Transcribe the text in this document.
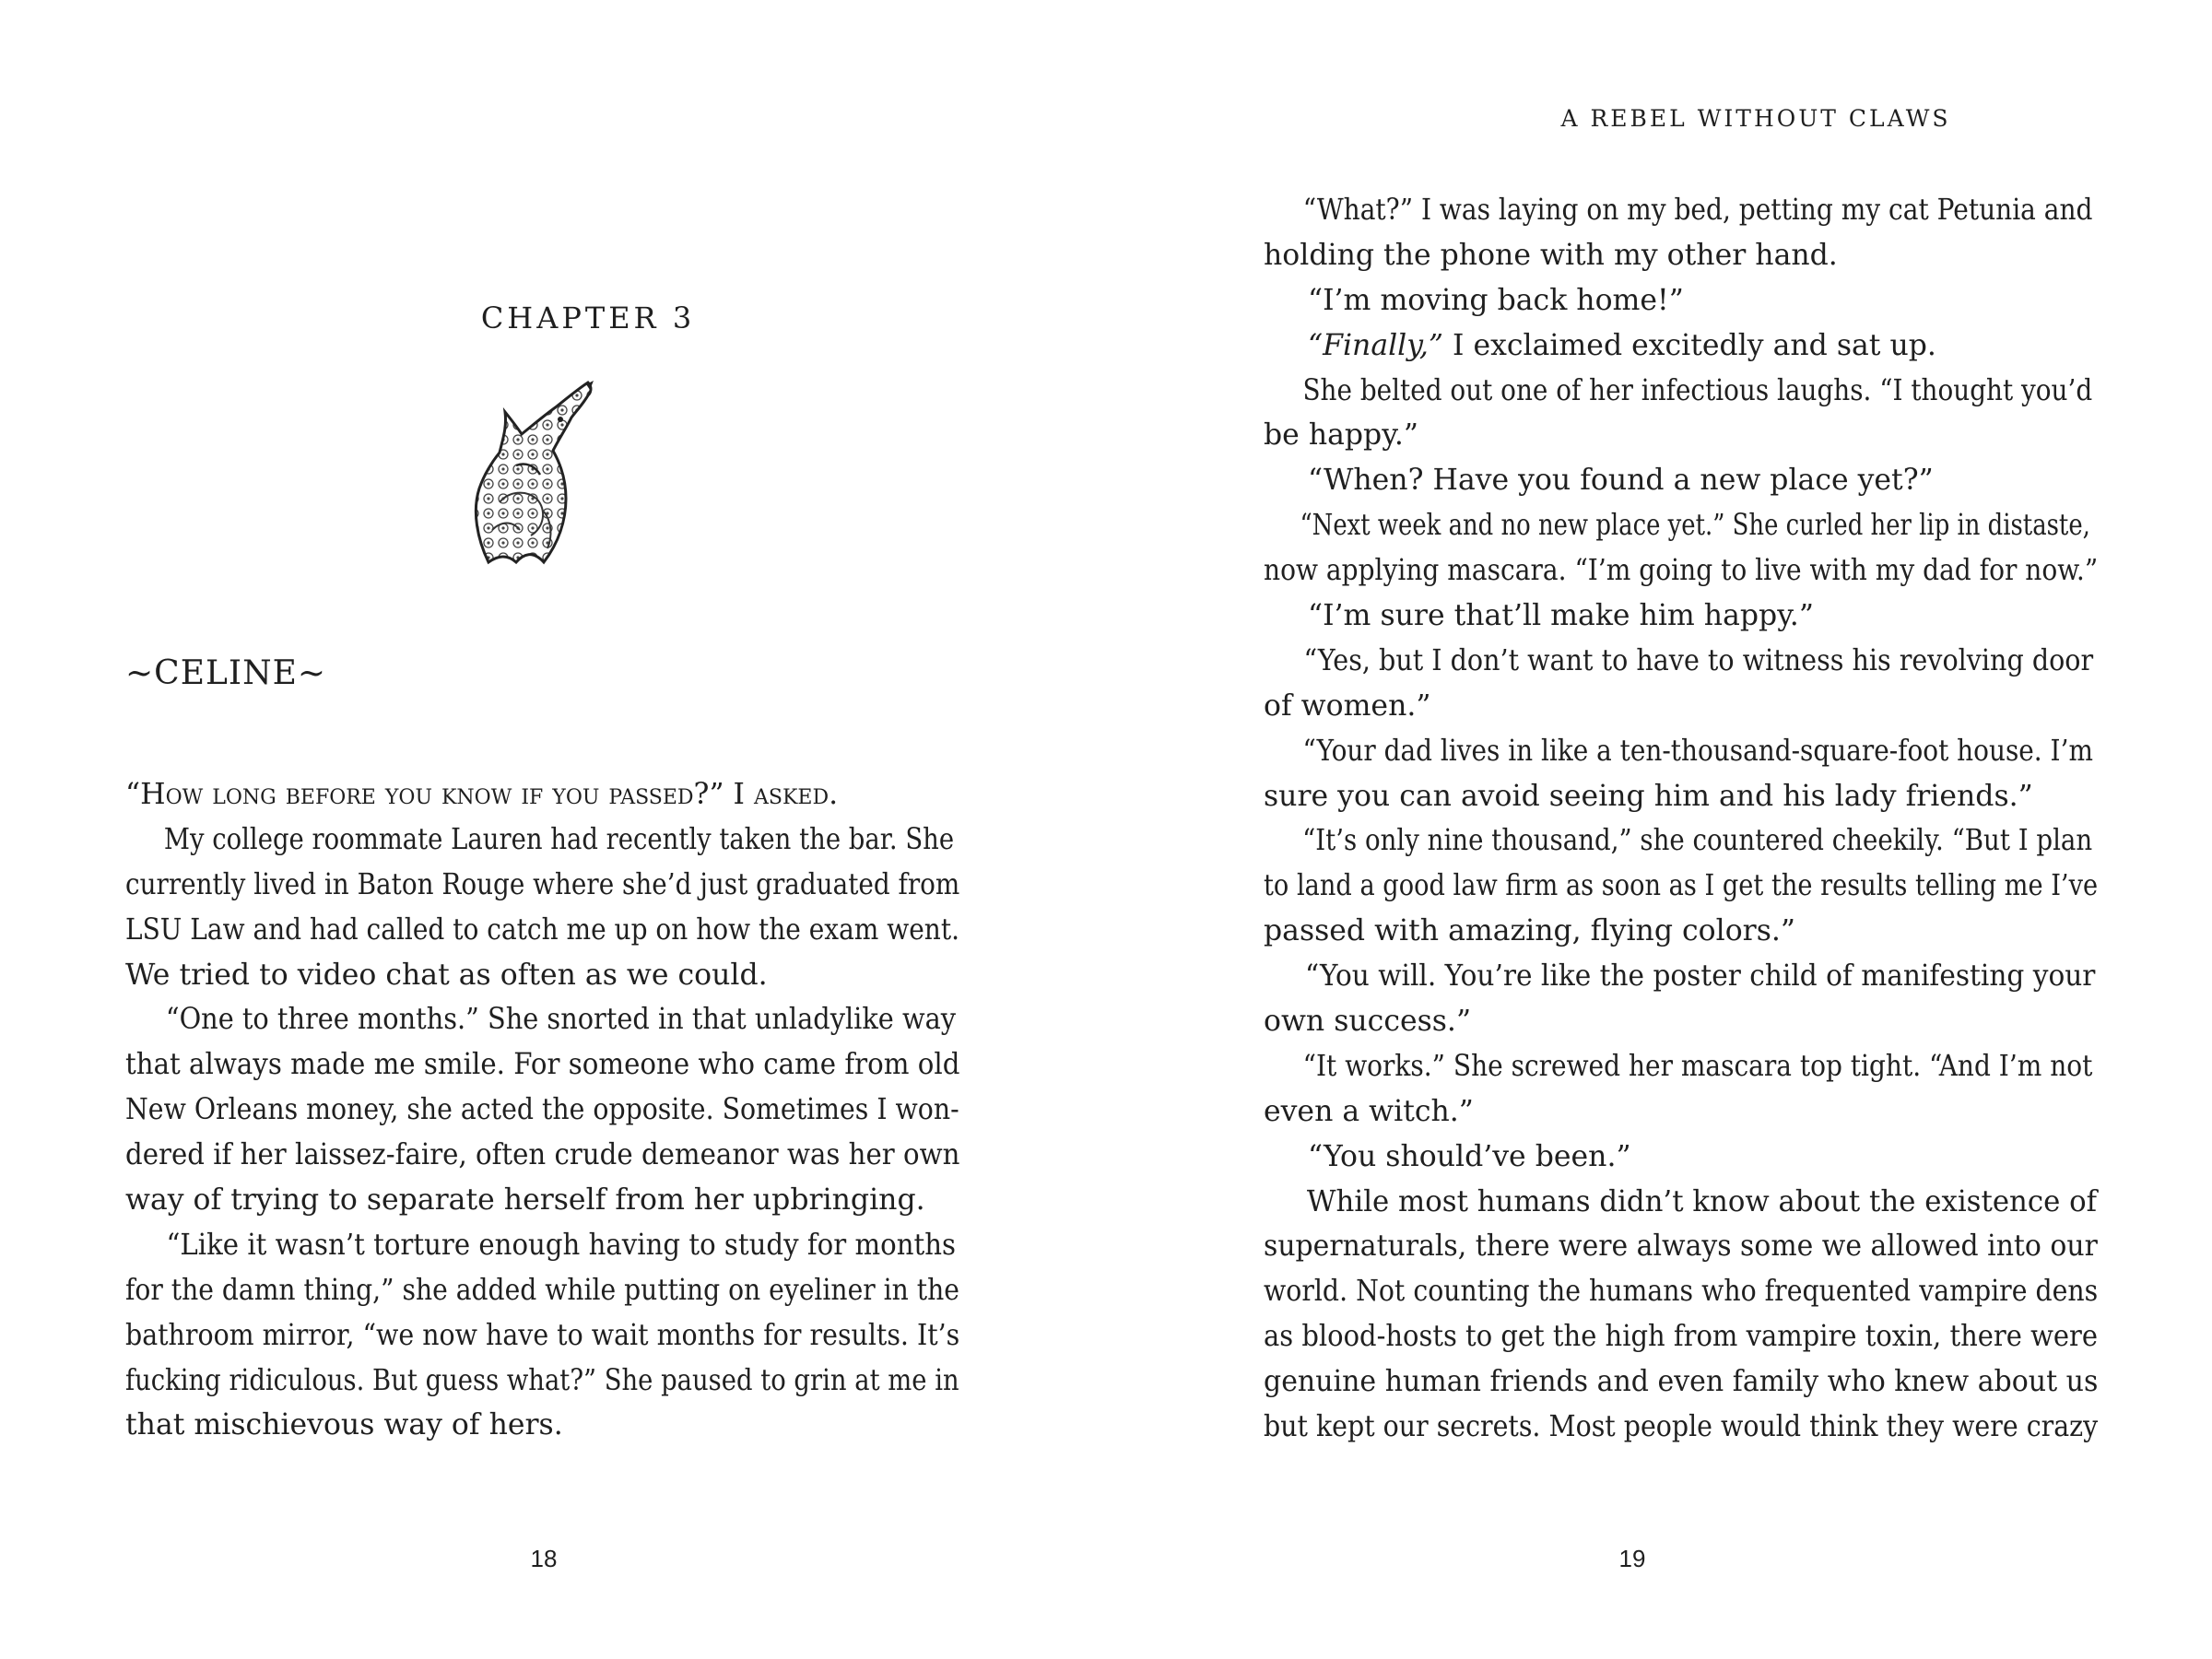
CHAPTER 3
~CELINE~
“How long before you know if you passed?” I asked.
My college roommate Lauren had recently taken the bar. She
currently lived in Baton Rouge where she’d just graduated from
LSU Law and had called to catch me up on how the exam went.
We tried to video chat as often as we could.
“One to three months.” She snorted in that unladylike way
that always made me smile. For someone who came from old
New Orleans money, she acted the opposite. Sometimes I won-
dered if her laissez-faire, often crude demeanor was her own
way of trying to separate herself from her upbringing.
“Like it wasn’t torture enough having to study for months
for the damn thing,” she added while putting on eyeliner in the
bathroom mirror, “we now have to wait months for results. It’s
fucking ridiculous. But guess what?” She paused to grin at me in
that mischievous way of hers.
18
A REBEL WITHOUT CLAWS
“What?” I was laying on my bed, petting my cat Petunia and
holding the phone with my other hand.
“I’m moving back home!”
“Finally,” I exclaimed excitedly and sat up.
She belted out one of her infectious laughs. “I thought you’d
be happy.”
“When? Have you found a new place yet?”
“Next week and no new place yet.” She curled her lip in distaste,
now applying mascara. “I’m going to live with my dad for now.”
“I’m sure that’ll make him happy.”
“Yes, but I don’t want to have to witness his revolving door
of women.”
“Your dad lives in like a ten-thousand-square-foot house. I’m
sure you can avoid seeing him and his lady friends.”
“It’s only nine thousand,” she countered cheekily. “But I plan
to land a good law firm as soon as I get the results telling me I’ve
passed with amazing, flying colors.”
“You will. You’re like the poster child of manifesting your
own success.”
“It works.” She screwed her mascara top tight. “And I’m not
even a witch.”
“You should’ve been.”
While most humans didn’t know about the existence of
supernaturals, there were always some we allowed into our
world. Not counting the humans who frequented vampire dens
as blood-hosts to get the high from vampire toxin, there were
genuine human friends and even family who knew about us
but kept our secrets. Most people would think they were crazy
19
